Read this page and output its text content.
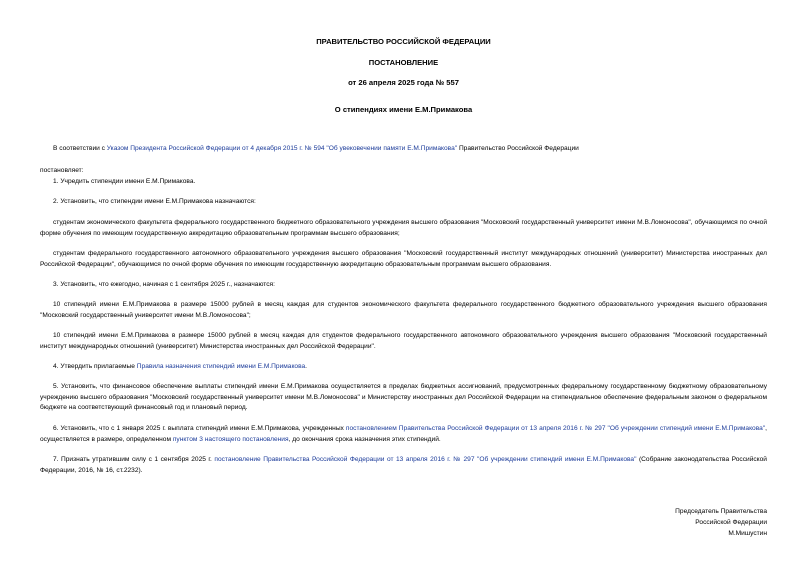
ПРАВИТЕЛЬСТВО РОССИЙСКОЙ ФЕДЕРАЦИИ
ПОСТАНОВЛЕНИЕ
от 26 апреля 2025 года № 557
О стипендиях имени Е.М.Примакова
В соответствии с Указом Президента Российской Федерации от 4 декабря 2015 г. № 594 "Об увековечении памяти Е.М.Примакова" Правительство Российской Федерации
постановляет:
1. Учредить стипендии имени Е.М.Примакова.
2. Установить, что стипендии имени Е.М.Примакова назначаются:
студентам экономического факультета федерального государственного бюджетного образовательного учреждения высшего образования "Московский государственный университет имени М.В.Ломоносова", обучающимся по очной форме обучения по имеющим государственную аккредитацию образовательным программам высшего образования;
студентам федерального государственного автономного образовательного учреждения высшего образования "Московский государственный институт международных отношений (университет) Министерства иностранных дел Российской Федерации", обучающимся по очной форме обучения по имеющим государственную аккредитацию образовательным программам высшего образования.
3. Установить, что ежегодно, начиная с 1 сентября 2025 г., назначаются:
10 стипендий имени Е.М.Примакова в размере 15000 рублей в месяц каждая для студентов экономического факультета федерального государственного бюджетного образовательного учреждения высшего образования "Московский государственный университет имени М.В.Ломоносова";
10 стипендий имени Е.М.Примакова в размере 15000 рублей в месяц каждая для студентов федерального государственного автономного образовательного учреждения высшего образования "Московский государственный институт международных отношений (университет) Министерства иностранных дел Российской Федерации".
4. Утвердить прилагаемые Правила назначения стипендий имени Е.М.Примакова.
5. Установить, что финансовое обеспечение выплаты стипендий имени Е.М.Примакова осуществляется в пределах бюджетных ассигнований, предусмотренных федеральному государственному бюджетному образовательному учреждению высшего образования "Московский государственный университет имени М.В.Ломоносова" и Министерству иностранных дел Российской Федерации на стипендиальное обеспечение федеральным законом о федеральном бюджете на соответствующий финансовый год и плановый период.
6. Установить, что с 1 января 2025 г. выплата стипендий имени Е.М.Примакова, учрежденных постановлением Правительства Российской Федерации от 13 апреля 2016 г. № 297 "Об учреждении стипендий имени Е.М.Примакова", осуществляется в размере, определенном пунктом 3 настоящего постановления, до окончания срока назначения этих стипендий.
7. Признать утратившим силу с 1 сентября 2025 г. постановление Правительства Российской Федерации от 13 апреля 2016 г. № 297 "Об учреждении стипендий имени Е.М.Примакова" (Собрание законодательства Российской Федерации, 2016, № 16, ст.2232).
Председатель Правительства
Российской Федерации
М.Мишустин
